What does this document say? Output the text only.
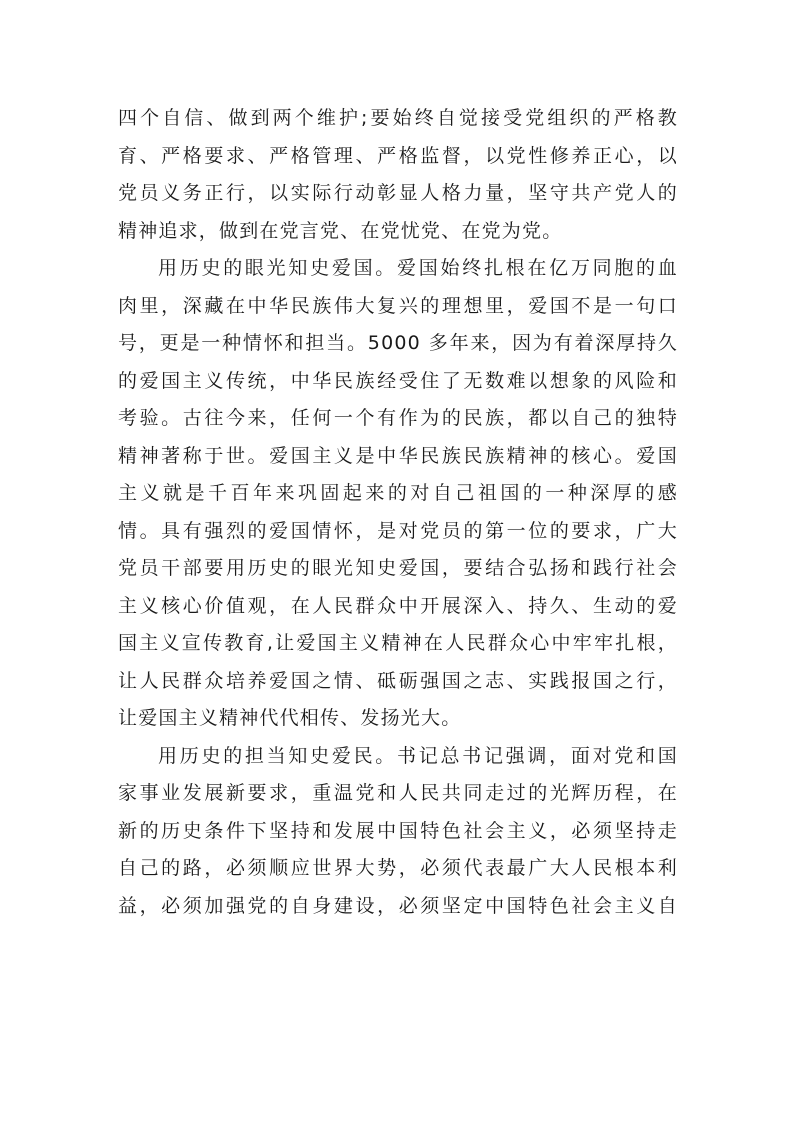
四个自信、做到两个维护;要始终自觉接受党组织的严格教
育、严格要求、严格管理、严格监督，以党性修养正心，以
党员义务正行，以实际行动彰显人格力量，坚守共产党人的
精神追求，做到在党言党、在党忧党、在党为党。
用历史的眼光知史爱国。爱国始终扎根在亿万同胞的血
肉里，深藏在中华民族伟大复兴的理想里，爱国不是一句口
号，更是一种情怀和担当。5000 多年来，因为有着深厚持久
的爱国主义传统，中华民族经受住了无数难以想象的风险和
考验。古往今来，任何一个有作为的民族，都以自己的独特
精神著称于世。爱国主义是中华民族民族精神的核心。爱国
主义就是千百年来巩固起来的对自己祖国的一种深厚的感
情。具有强烈的爱国情怀，是对党员的第一位的要求，广大
党员干部要用历史的眼光知史爱国，要结合弘扬和践行社会
主义核心价值观，在人民群众中开展深入、持久、生动的爱
国主义宣传教育,让爱国主义精神在人民群众心中牢牢扎根，
让人民群众培养爱国之情、砥砺强国之志、实践报国之行，
让爱国主义精神代代相传、发扬光大。
用历史的担当知史爱民。书记总书记强调，面对党和国
家事业发展新要求，重温党和人民共同走过的光辉历程，在
新的历史条件下坚持和发展中国特色社会主义，必须坚持走
自己的路，必须顺应世界大势，必须代表最广大人民根本利
益，必须加强党的自身建设，必须坚定中国特色社会主义自
